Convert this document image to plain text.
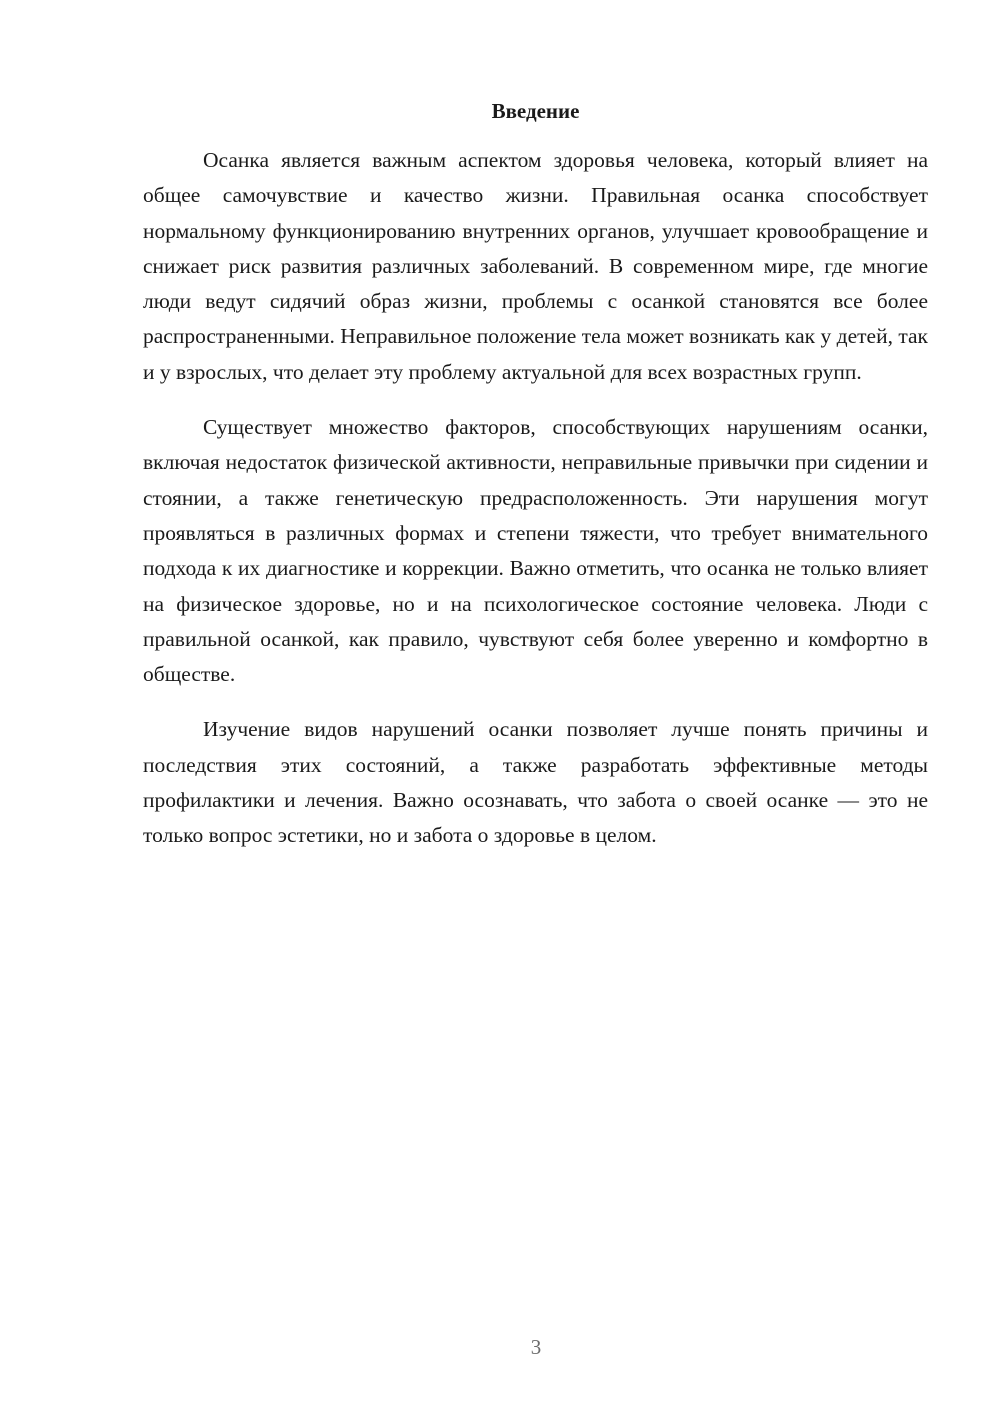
Введение

Осанка является важным аспектом здоровья человека, который влияет на общее самочувствие и качество жизни. Правильная осанка способствует нормальному функционированию внутренних органов, улучшает кровообращение и снижает риск развития различных заболеваний. В современном мире, где многие люди ведут сидячий образ жизни, проблемы с осанкой становятся все более распространенными. Неправильное положение тела может возникать как у детей, так и у взрослых, что делает эту проблему актуальной для всех возрастных групп.

Существует множество факторов, способствующих нарушениям осанки, включая недостаток физической активности, неправильные привычки при сидении и стоянии, а также генетическую предрасположенность. Эти нарушения могут проявляться в различных формах и степени тяжести, что требует внимательного подхода к их диагностике и коррекции. Важно отметить, что осанка не только влияет на физическое здоровье, но и на психологическое состояние человека. Люди с правильной осанкой, как правило, чувствуют себя более уверенно и комфортно в обществе.

Изучение видов нарушений осанки позволяет лучше понять причины и последствия этих состояний, а также разработать эффективные методы профилактики и лечения. Важно осознавать, что забота о своей осанке — это не только вопрос эстетики, но и забота о здоровье в целом.

3
